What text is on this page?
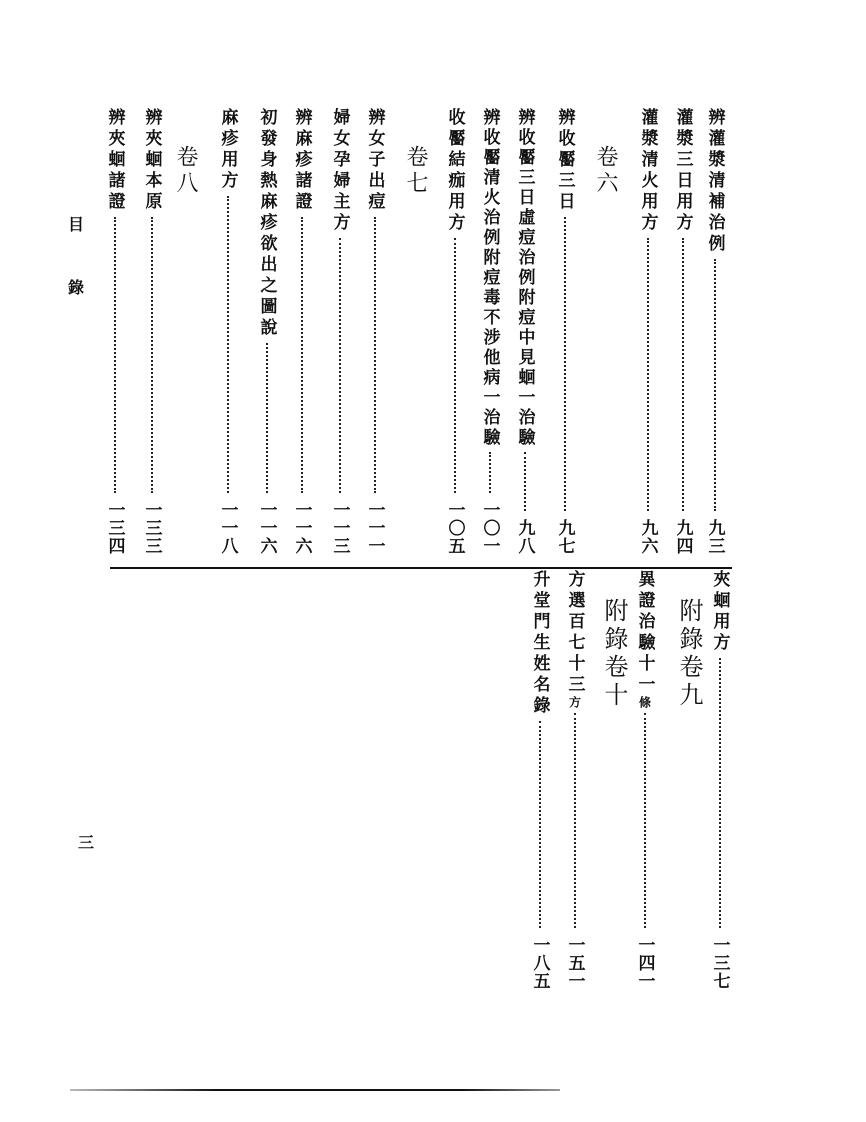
辨灌漿清補治例
九三
灌漿三日用方
九四
灌漿清火用方
九六
卷六
辨收靨三日
九七
辨收靨三日虛痘治例附痘中見蛔一治驗
九八
辨收靨清火治例附痘毒不涉他病一治驗
一〇一
收靨結痂用方
一〇五
卷七
辨女子出痘
一一一
婦女孕婦主方
一一三
辨麻疹諸證
一一六
初發身熱麻疹欲出之圖說
一一六
麻疹用方
一一八
卷八
辨夾蛔本原
一三三
辨夾蛔諸證
一三四
夾蛔用方
一三七
附錄卷九
異證治驗十一
條
一四一
附錄卷十
方選百七十三
方
一五一
升堂門生姓名錄
一八五
目
錄
三
